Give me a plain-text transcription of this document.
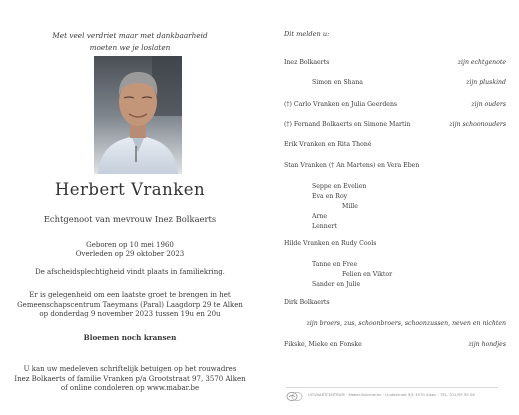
Met veel verdriet maar met dankbaarheid
moeten we je loslaten
Herbert Vranken
Echtgenoot van mevrouw Inez Bolkaerts
Geboren op 10 mei 1960
Overleden op 29 oktober 2023
De afscheidsplechtigheid vindt plaats in familiekring.
Er is gelegenheid om een laatste groet te brengen in het
Gemeenschapscentrum Taeymans (Paral) Laagdorp 29 te Alken
op donderdag 9 november 2023 tussen 19u en 20u
Bloemen noch kransen
U kan uw medeleven schriftelijk betuigen op het rouwadres
Inez Bolkaerts of familie Vranken p/a Grootstraat 97, 3570 Alken
of online condoleren op www.mabar.be
Dit melden u:
Inez Bolkaerts	zijn echtgenote
Simon en Shana	zijn pluskind
(†) Carlo Vranken en Julia Geerdens	zijn ouders
(†) Fernand Bolkaerts en Simone Martin	zijn schoonouders
Erik Vranken en Rita Thoné
Stan Vranken († An Martens) en Vera Eben
Seppe en Evelien
Eva en Roy
Mille
Arne
Lennert
Hilde Vranken en Rudy Cools
Tanne en Free
Felien en Viktor
Sander en Julie
Dirk Bolkaerts
zijn broers, zus, schoonbroers, schoonzussen, neven en nichten
Fikske, Mieke en Fonske	zijn hondjes
UITVAARTCENTRUM · Mabar-Kolchteren · Lindestraat 9/1 3570 Alken · TEL. 011/59 59 06
